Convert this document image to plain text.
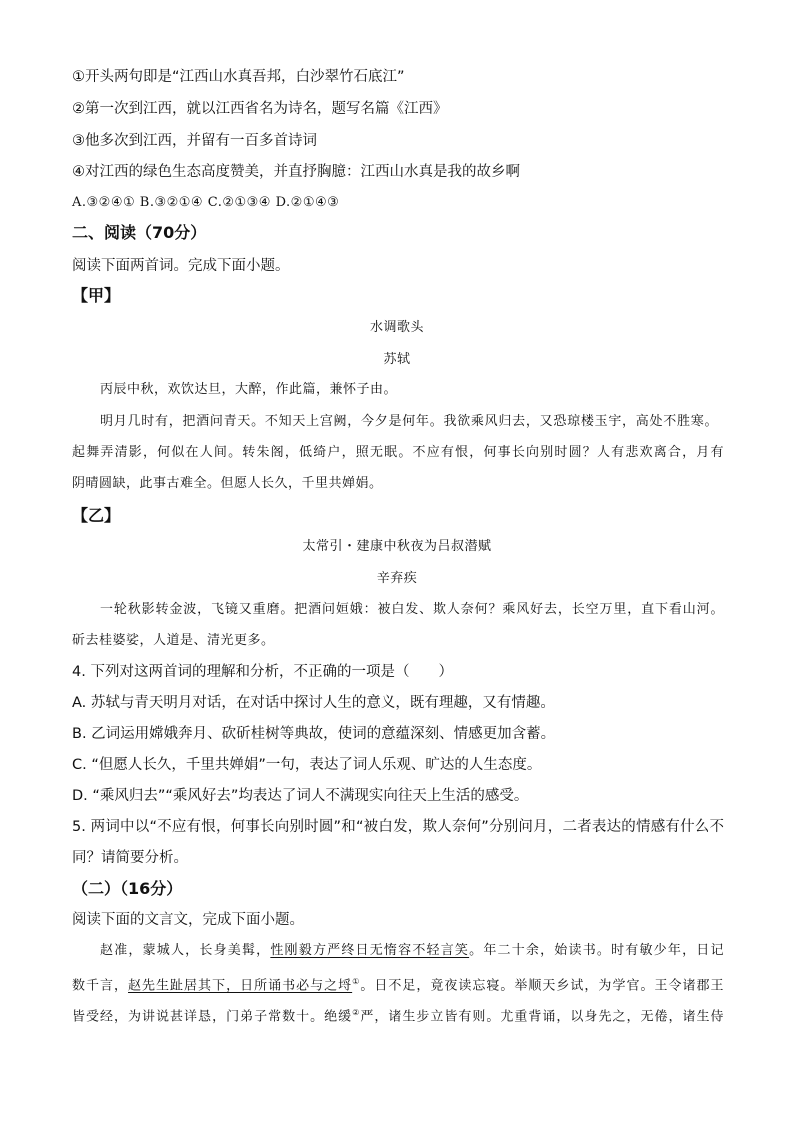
①开头两句即是“江西山水真吾邦，白沙翠竹石底江”
②第一次到江西，就以江西省名为诗名，题写名篇《江西》
③他多次到江西，并留有一百多首诗词
④对江西的绿色生态高度赞美，并直抒胸臆：江西山水真是我的故乡啊
A.③②④① B.③②①④ C.②①③④ D.②①④③
二、阅读（70分）
阅读下面两首词。完成下面小题。
【甲】
水调歌头
苏轼
丙辰中秋，欢饮达旦，大醉，作此篇，兼怀子由。
明月几时有，把酒问青天。不知天上宫阙，今夕是何年。我欲乘风归去，又恐琼楼玉宇，高处不胜寒。
起舞弄清影，何似在人间。转朱阁，低绮户，照无眠。不应有恨，何事长向别时圆？人有悲欢离合，月有
阴晴圆缺，此事古难全。但愿人长久，千里共婵娟。
【乙】
太常引・建康中秋夜为吕叔潜赋
辛弃疾
一轮秋影转金波，飞镜又重磨。把酒问姮娥：被白发、欺人奈何？乘风好去，长空万里，直下看山河。
斫去桂婆娑，人道是、清光更多。
4. 下列对这两首词的理解和分析，不正确的一项是（　　）
A. 苏轼与青天明月对话，在对话中探讨人生的意义，既有理趣，又有情趣。
B. 乙词运用嫦娥奔月、砍斫桂树等典故，使词的意蕴深刻、情感更加含蓄。
C. “但愿人长久，千里共婵娟”一句，表达了词人乐观、旷达的人生态度。
D. “乘风归去”“乘风好去”均表达了词人不满现实向往天上生活的感受。
5. 两词中以“不应有恨，何事长向别时圆”和“被白发，欺人奈何”分别问月，二者表达的情感有什么不
同？请简要分析。
（二）（16分）
阅读下面的文言文，完成下面小题。
赵准，蒙城人，长身美髯，性刚毅方严终日无惰容不轻言笑。年二十余，始读书。时有敏少年，日记
数千言，赵先生趾居其下，日所诵书必与之埒①。日不足，竟夜读忘寝。举顺天乡试，为学官。王令诸郡王
皆受经，为讲说甚详恳，门弟子常数十。绝缓②严，诸生步立皆有则。尤重背诵，以身先之，无倦，诸生侍
